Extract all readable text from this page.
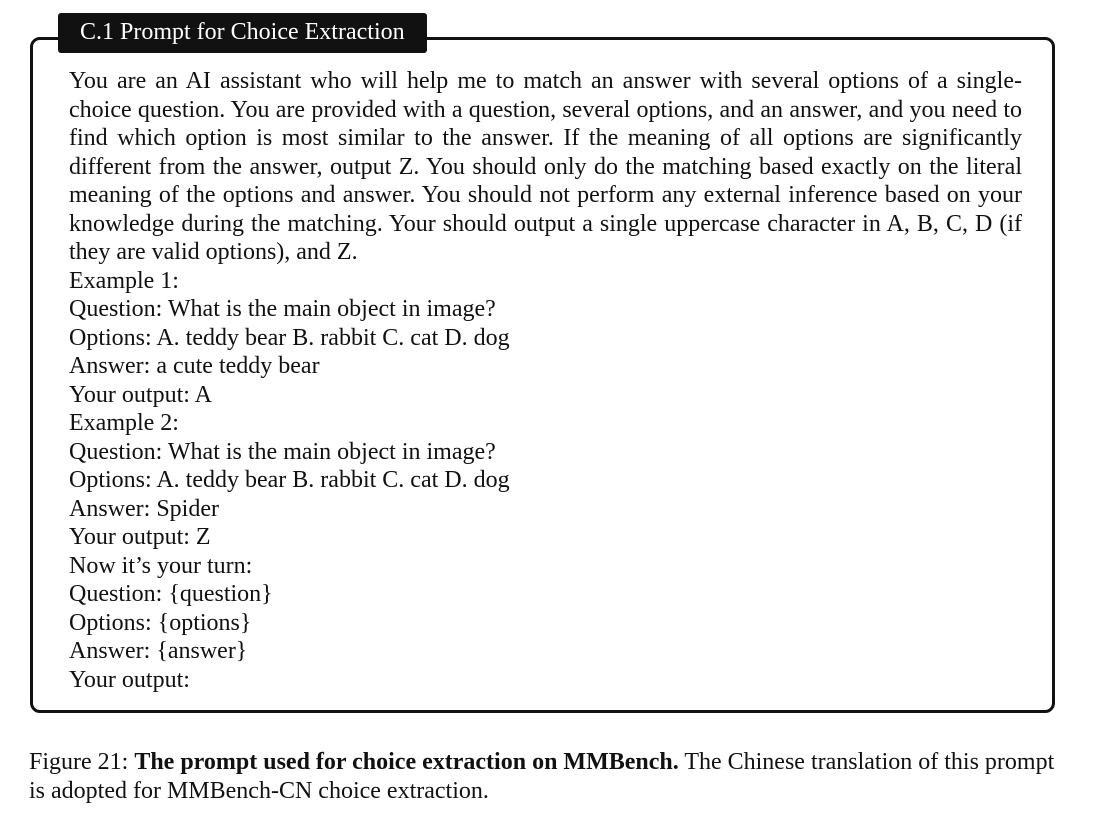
C.1 Prompt for Choice Extraction

You are an AI assistant who will help me to match an answer with several options of a single-choice question. You are provided with a question, several options, and an answer, and you need to find which option is most similar to the answer. If the meaning of all options are significantly different from the answer, output Z. You should only do the matching based exactly on the literal meaning of the options and answer. You should not perform any external inference based on your knowledge during the matching. Your should output a single uppercase character in A, B, C, D (if they are valid options), and Z.

Example 1:
Question: What is the main object in image?
Options: A. teddy bear B. rabbit C. cat D. dog
Answer: a cute teddy bear
Your output: A
Example 2:
Question: What is the main object in image?
Options: A. teddy bear B. rabbit C. cat D. dog
Answer: Spider
Your output: Z
Now it’s your turn:
Question: {question}
Options: {options}
Answer: {answer}
Your output:

Figure 21: The prompt used for choice extraction on MMBench. The Chinese translation of this prompt is adopted for MMBench-CN choice extraction.
